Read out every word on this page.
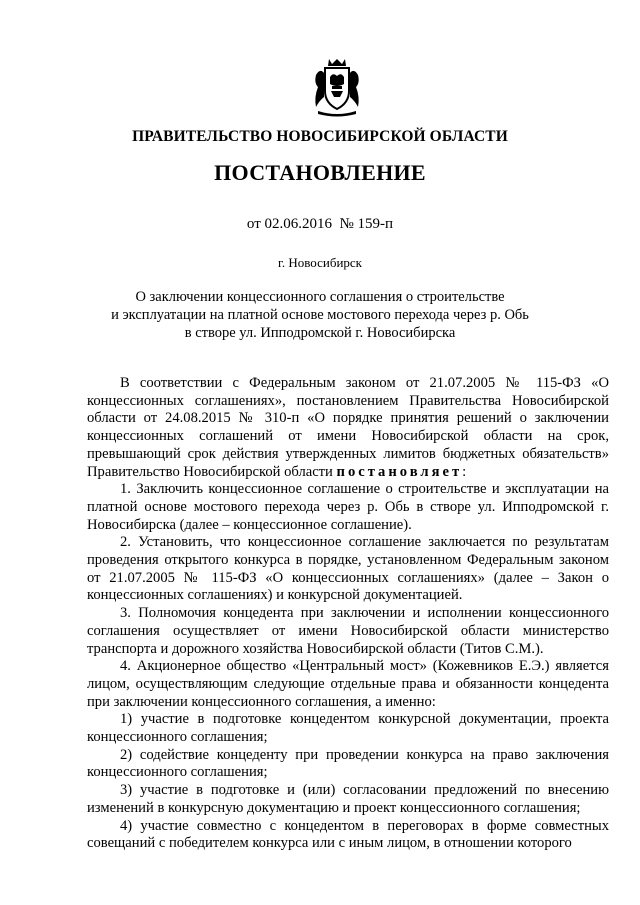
ПРАВИТЕЛЬСТВО НОВОСИБИРСКОЙ ОБЛАСТИ
ПОСТАНОВЛЕНИЕ
от 02.06.2016  № 159-п
г. Новосибирск
О заключении концессионного соглашения о строительстве
и эксплуатации на платной основе мостового перехода через р. Обь
в створе ул. Ипподромской г. Новосибирска

В соответствии с Федеральным законом от 21.07.2005 № 115-ФЗ «О концессионных соглашениях», постановлением Правительства Новосибирской области от 24.08.2015 № 310-п «О порядке принятия решений о заключении концессионных соглашений от имени Новосибирской области на срок, превышающий срок действия утвержденных лимитов бюджетных обязательств» Правительство Новосибирской области постановляет:

1. Заключить концессионное соглашение о строительстве и эксплуатации на платной основе мостового перехода через р. Обь в створе ул. Ипподромской г. Новосибирска (далее – концессионное соглашение).

2. Установить, что концессионное соглашение заключается по результатам проведения открытого конкурса в порядке, установленном Федеральным законом от 21.07.2005 № 115-ФЗ «О концессионных соглашениях» (далее – Закон о концессионных соглашениях) и конкурсной документацией.

3. Полномочия концедента при заключении и исполнении концессионного соглашения осуществляет от имени Новосибирской области министерство транспорта и дорожного хозяйства Новосибирской области (Титов С.М.).

4. Акционерное общество «Центральный мост» (Кожевников Е.Э.) является лицом, осуществляющим следующие отдельные права и обязанности концедента при заключении концессионного соглашения, а именно:

1) участие в подготовке концедентом конкурсной документации, проекта концессионного соглашения;

2) содействие концеденту при проведении конкурса на право заключения концессионного соглашения;

3) участие в подготовке и (или) согласовании предложений по внесению изменений в конкурсную документацию и проект концессионного соглашения;

4) участие совместно с концедентом в переговорах в форме совместных совещаний с победителем конкурса или с иным лицом, в отношении которого
